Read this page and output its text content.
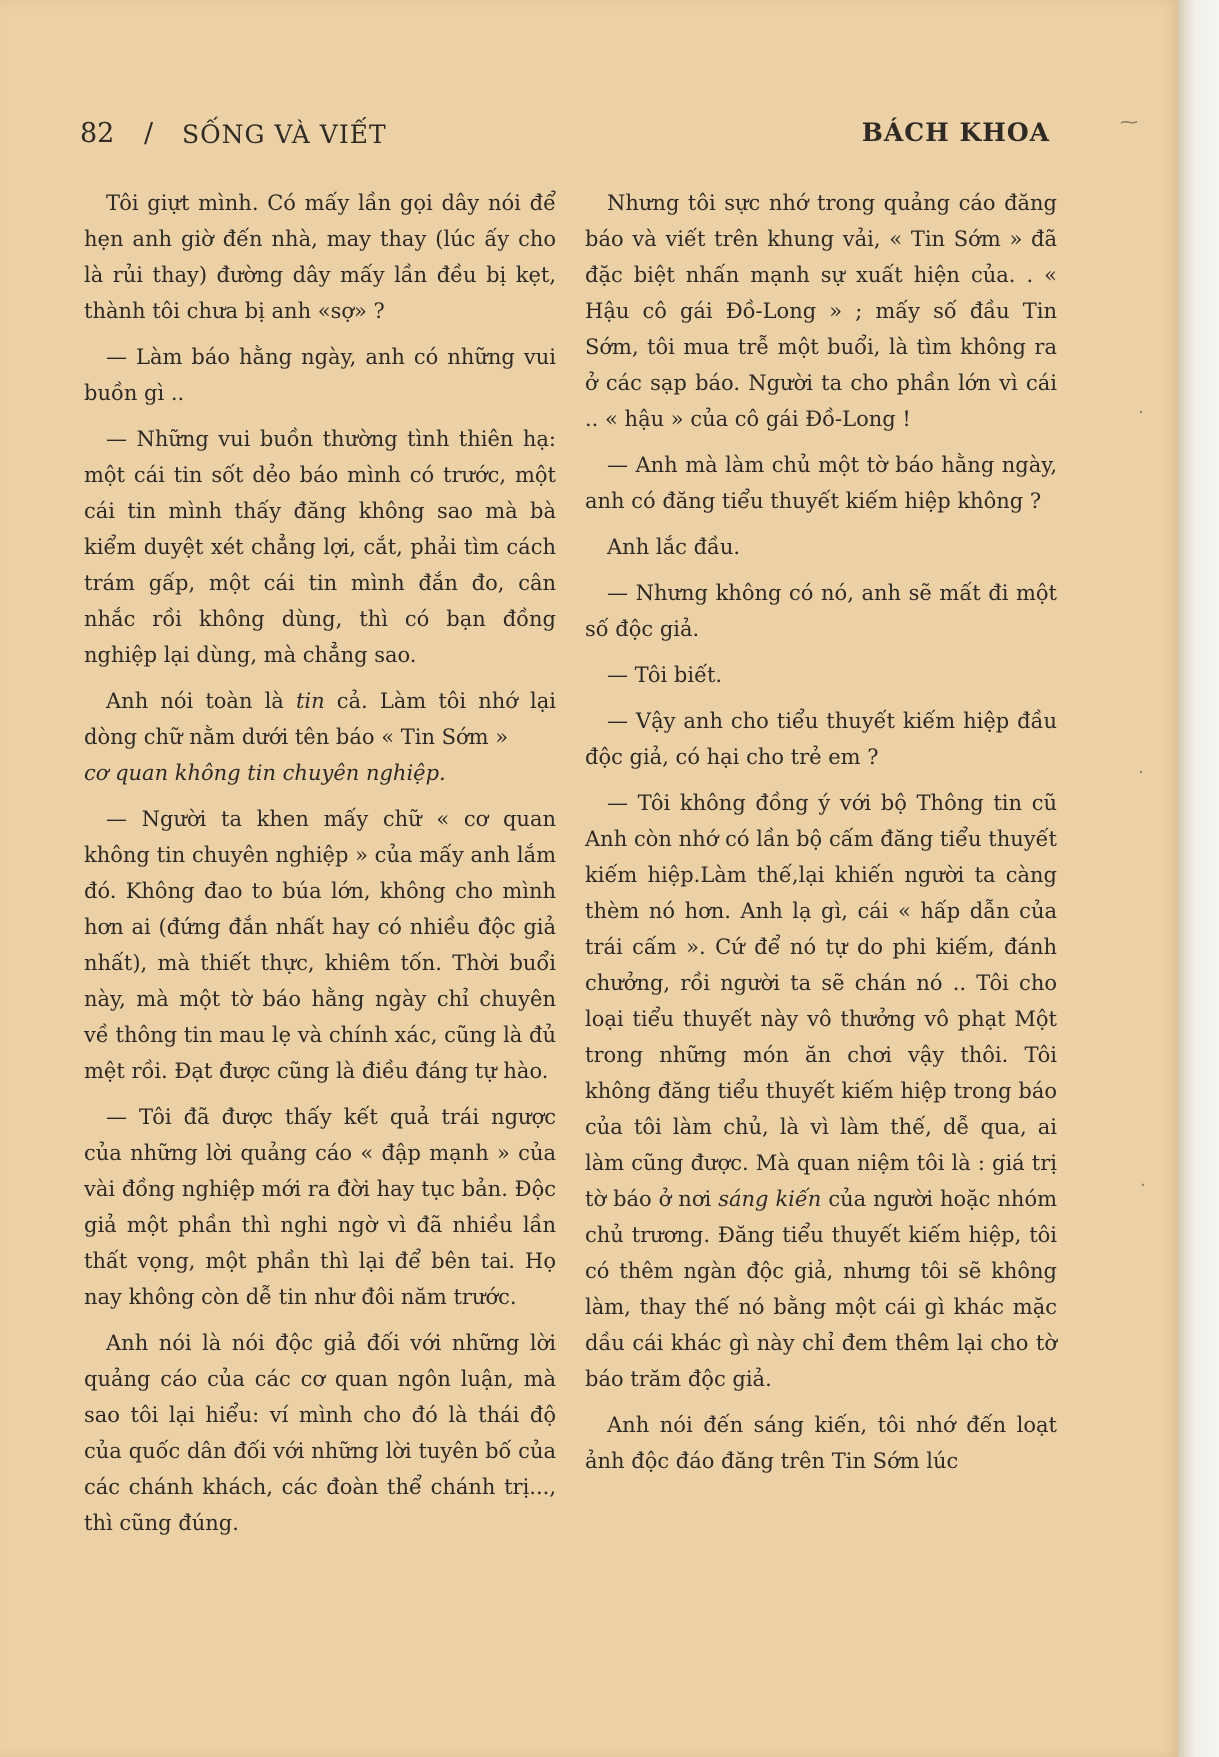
82 / SỐNG VÀ VIẾT	BÁCH KHOA

Tôi giựt mình. Có mấy lần gọi dây nói để hẹn anh giờ đến nhà, may thay (lúc ấy cho là rủi thay) đường dây mấy lần đều bị kẹt, thành tôi chưa bị anh «sợ» ?

— Làm báo hằng ngày, anh có những vui buồn gì ..

— Những vui buồn thường tình thiên hạ: một cái tin sốt dẻo báo mình có trước, một cái tin mình thấy đăng không sao mà bà kiểm duyệt xét chẳng lợi, cắt, phải tìm cách trám gấp, một cái tin mình đắn đo, cân nhắc rồi không dùng, thì có bạn đồng nghiệp lại dùng, mà chẳng sao.

Anh nói toàn là tin cả. Làm tôi nhớ lại dòng chữ nằm dưới tên báo « Tin Sớm »

cơ quan không tin chuyên nghiệp.

— Người ta khen mấy chữ « cơ quan không tin chuyên nghiệp » của mấy anh lắm đó. Không đao to búa lớn, không cho mình hơn ai (đứng đắn nhất hay có nhiều độc giả nhất), mà thiết thực, khiêm tốn. Thời buổi này, mà một tờ báo hằng ngày chỉ chuyên về thông tin mau lẹ và chính xác, cũng là đủ mệt rồi. Đạt được cũng là điều đáng tự hào.

— Tôi đã được thấy kết quả trái ngược của những lời quảng cáo « đập mạnh » của vài đồng nghiệp mới ra đời hay tục bản. Độc giả một phần thì nghi ngờ vì đã nhiều lần thất vọng, một phần thì lại để bên tai. Họ nay không còn dễ tin như đôi năm trước.

Anh nói là nói độc giả đối với những lời quảng cáo của các cơ quan ngôn luận, mà sao tôi lại hiểu: ví mình cho đó là thái độ của quốc dân đối với những lời tuyên bố của các chánh khách, các đoàn thể chánh trị..., thì cũng đúng.

Nhưng tôi sực nhớ trong quảng cáo đăng báo và viết trên khung vải, « Tin Sớm » đã đặc biệt nhấn mạnh sự xuất hiện của. . « Hậu cô gái Đồ-Long » ; mấy số đầu Tin Sớm, tôi mua trễ một buổi, là tìm không ra ở các sạp báo. Người ta cho phần lớn vì cái .. « hậu » của cô gái Đồ-Long !

— Anh mà làm chủ một tờ báo hằng ngày, anh có đăng tiểu thuyết kiếm hiệp không ?

Anh lắc đầu.

— Nhưng không có nó, anh sẽ mất đi một số độc giả.

— Tôi biết.

— Vậy anh cho tiểu thuyết kiếm hiệp đầu độc giả, có hại cho trẻ em ?

— Tôi không đồng ý với bộ Thông tin cũ Anh còn nhớ có lần bộ cấm đăng tiểu thuyết kiếm hiệp.Làm thế,lại khiến người ta càng thèm nó hơn. Anh lạ gì, cái « hấp dẫn của trái cấm ». Cứ để nó tự do phi kiếm, đánh chưởng, rồi người ta sẽ chán nó .. Tôi cho loại tiểu thuyết này vô thưởng vô phạt Một trong những món ăn chơi vậy thôi. Tôi không đăng tiểu thuyết kiếm hiệp trong báo của tôi làm chủ, là vì làm thế, dễ qua, ai làm cũng được. Mà quan niệm tôi là : giá trị tờ báo ở nơi sáng kiến của người hoặc nhóm chủ trương. Đăng tiểu thuyết kiếm hiệp, tôi có thêm ngàn độc giả, nhưng tôi sẽ không làm, thay thế nó bằng một cái gì khác mặc dầu cái khác gì này chỉ đem thêm lại cho tờ báo trăm độc giả.

Anh nói đến sáng kiến, tôi nhớ đến loạt ảnh độc đáo đăng trên Tin Sớm lúc

⁓
·
·
·
